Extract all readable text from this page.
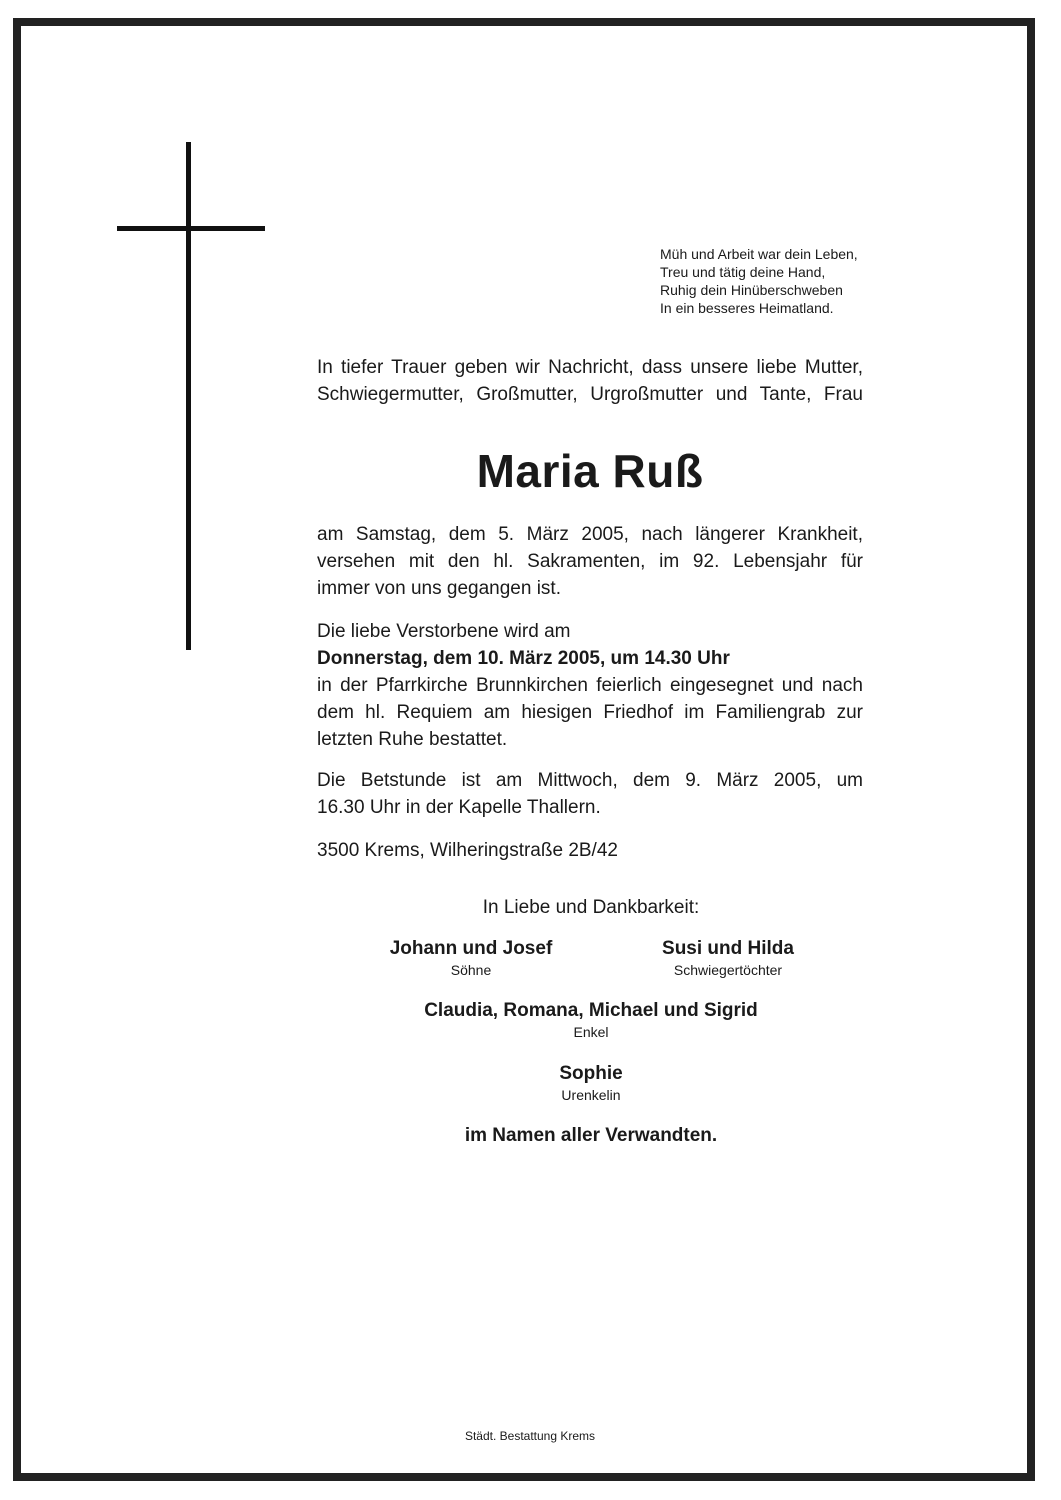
Müh und Arbeit war dein Leben,
Treu und tätig deine Hand,
Ruhig dein Hinüberschweben
In ein besseres Heimatland.
In tiefer Trauer geben wir Nachricht, dass unsere liebe Mutter,
Schwiegermutter, Großmutter, Urgroßmutter und Tante, Frau
Maria Ruß
am Samstag, dem 5. März 2005, nach längerer Krankheit,
versehen mit den hl. Sakramenten, im 92. Lebensjahr für
immer von uns gegangen ist.
Die liebe Verstorbene wird am
Donnerstag, dem 10. März 2005, um 14.30 Uhr
in der Pfarrkirche Brunnkirchen feierlich eingesegnet und nach
dem hl. Requiem am hiesigen Friedhof im Familiengrab zur
letzten Ruhe bestattet.
Die Betstunde ist am Mittwoch, dem 9. März 2005, um
16.30 Uhr in der Kapelle Thallern.
3500 Krems, Wilheringstraße 2B/42
In Liebe und Dankbarkeit:
Johann und Josef
Söhne
Susi und Hilda
Schwiegertöchter
Claudia, Romana, Michael und Sigrid
Enkel
Sophie
Urenkelin
im Namen aller Verwandten.
Städt. Bestattung Krems
